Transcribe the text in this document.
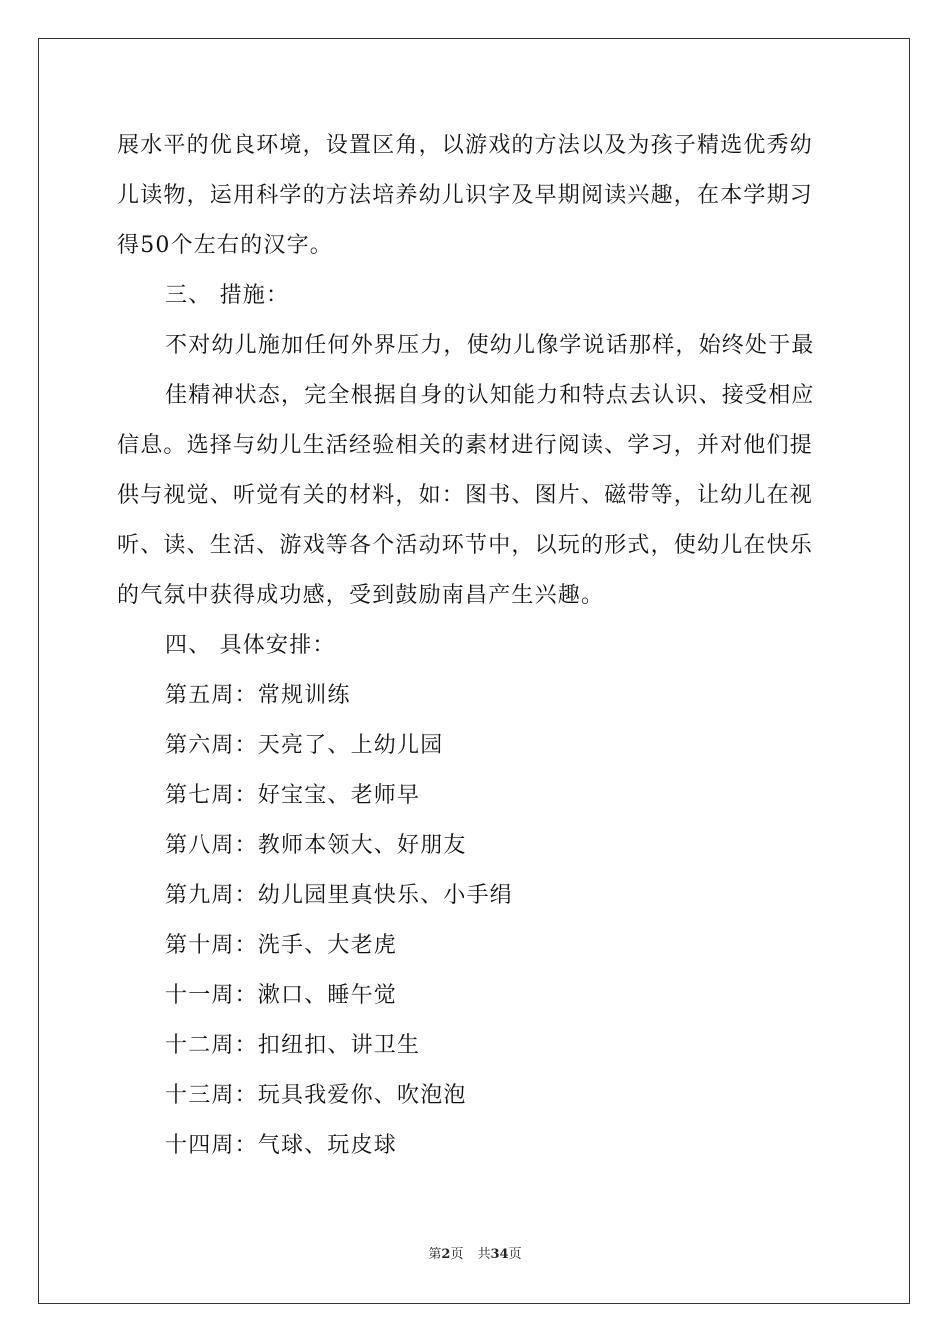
展水平的优良环境，设置区角，以游戏的方法以及为孩子精选优秀幼
儿读物，运用科学的方法培养幼儿识字及早期阅读兴趣，在本学期习
得50个左右的汉字。
三、 措施：
不对幼儿施加任何外界压力，使幼儿像学说话那样，始终处于最
佳精神状态，完全根据自身的认知能力和特点去认识、接受相应
信息。选择与幼儿生活经验相关的素材进行阅读、学习，并对他们提
供与视觉、听觉有关的材料，如：图书、图片、磁带等，让幼儿在视
听、读、生活、游戏等各个活动环节中，以玩的形式，使幼儿在快乐
的气氛中获得成功感，受到鼓励南昌产生兴趣。
四、 具体安排：
第五周：常规训练
第六周：天亮了、上幼儿园
第七周：好宝宝、老师早
第八周：教师本领大、好朋友
第九周：幼儿园里真快乐、小手绢
第十周：洗手、大老虎
十一周：漱口、睡午觉
十二周：扣纽扣、讲卫生
十三周：玩具我爱你、吹泡泡
十四周：气球、玩皮球
第2页 共34页
